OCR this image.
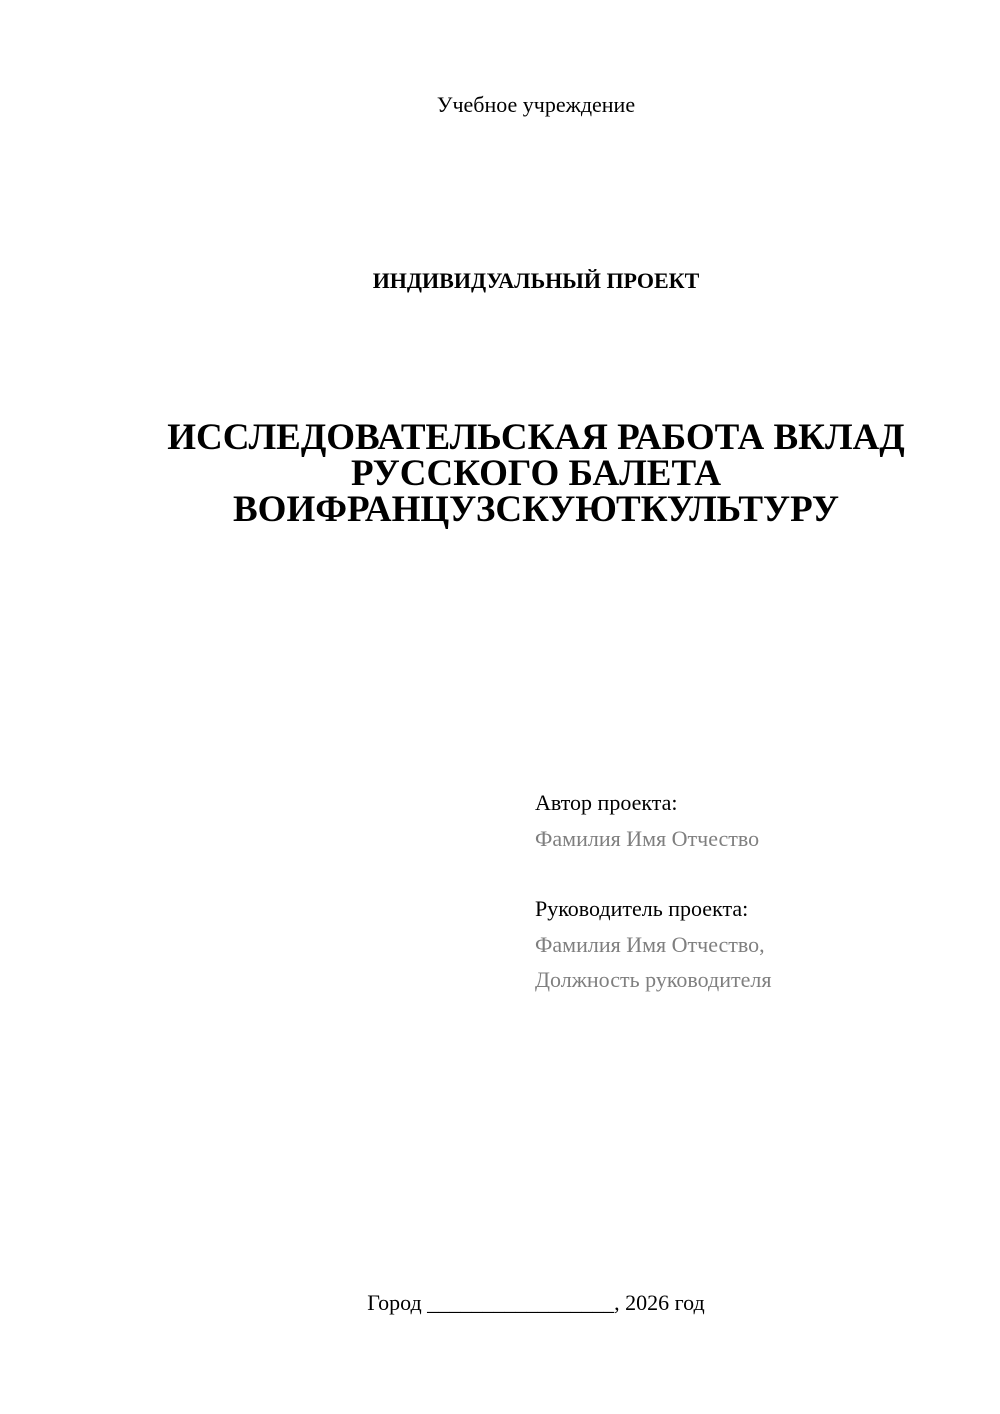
Учебное учреждение
ИНДИВИДУАЛЬНЫЙ ПРОЕКТ
ИССЛЕДОВАТЕЛЬСКАЯ РАБОТА ВКЛАД
РУССКОГО БАЛЕТА
ВОИФРАНЦУЗСКУЮТКУЛЬТУРУ
Автор проекта:
Фамилия Имя Отчество
Руководитель проекта:
Фамилия Имя Отчество,
Должность руководителя
Город _________________, 2026 год
